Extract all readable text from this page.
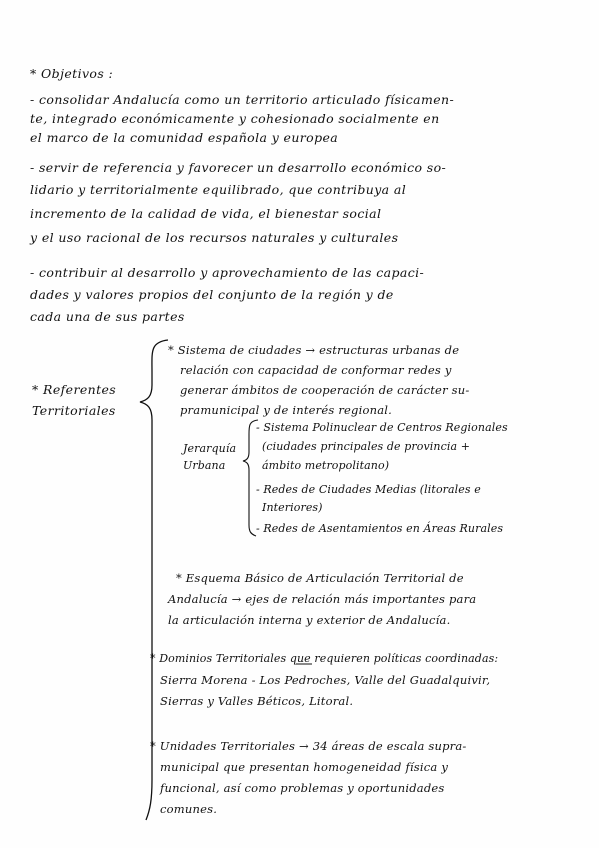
* Objetivos :
- consolidar Andalucía como un territorio articulado físicamen-
te, integrado económicamente y cohesionado socialmente en
el marco de la comunidad española y europea
- servir de referencia y favorecer un desarrollo económico so-
lidario y territorialmente equilibrado, que contribuya al
incremento de la calidad de vida, el bienestar social
y el uso racional de los recursos naturales y culturales
- contribuir al desarrollo y aprovechamiento de las capaci-
dades y valores propios del conjunto de la región y de
cada una de sus partes
* Referentes
Territoriales
* Sistema de ciudades → estructuras urbanas de
relación con capacidad de conformar redes y
generar ámbitos de cooperación de carácter su-
pramunicipal y de interés regional.
Jerarquía
Urbana
- Sistema Polinuclear de Centros Regionales
(ciudades principales de provincia +
ámbito metropolitano)
- Redes de Ciudades Medias (litorales e
Interiores)
- Redes de Asentamientos en Áreas Rurales
* Esquema Básico de Articulación Territorial de
Andalucía → ejes de relación más importantes para
la articulación interna y exterior de Andalucía.
* Dominios Territoriales que requieren políticas coordinadas:
Sierra Morena - Los Pedroches, Valle del Guadalquivir,
Sierras y Valles Béticos, Litoral.
* Unidades Territoriales → 34 áreas de escala supra-
municipal que presentan homogeneidad física y
funcional, así como problemas y oportunidades
comunes.
